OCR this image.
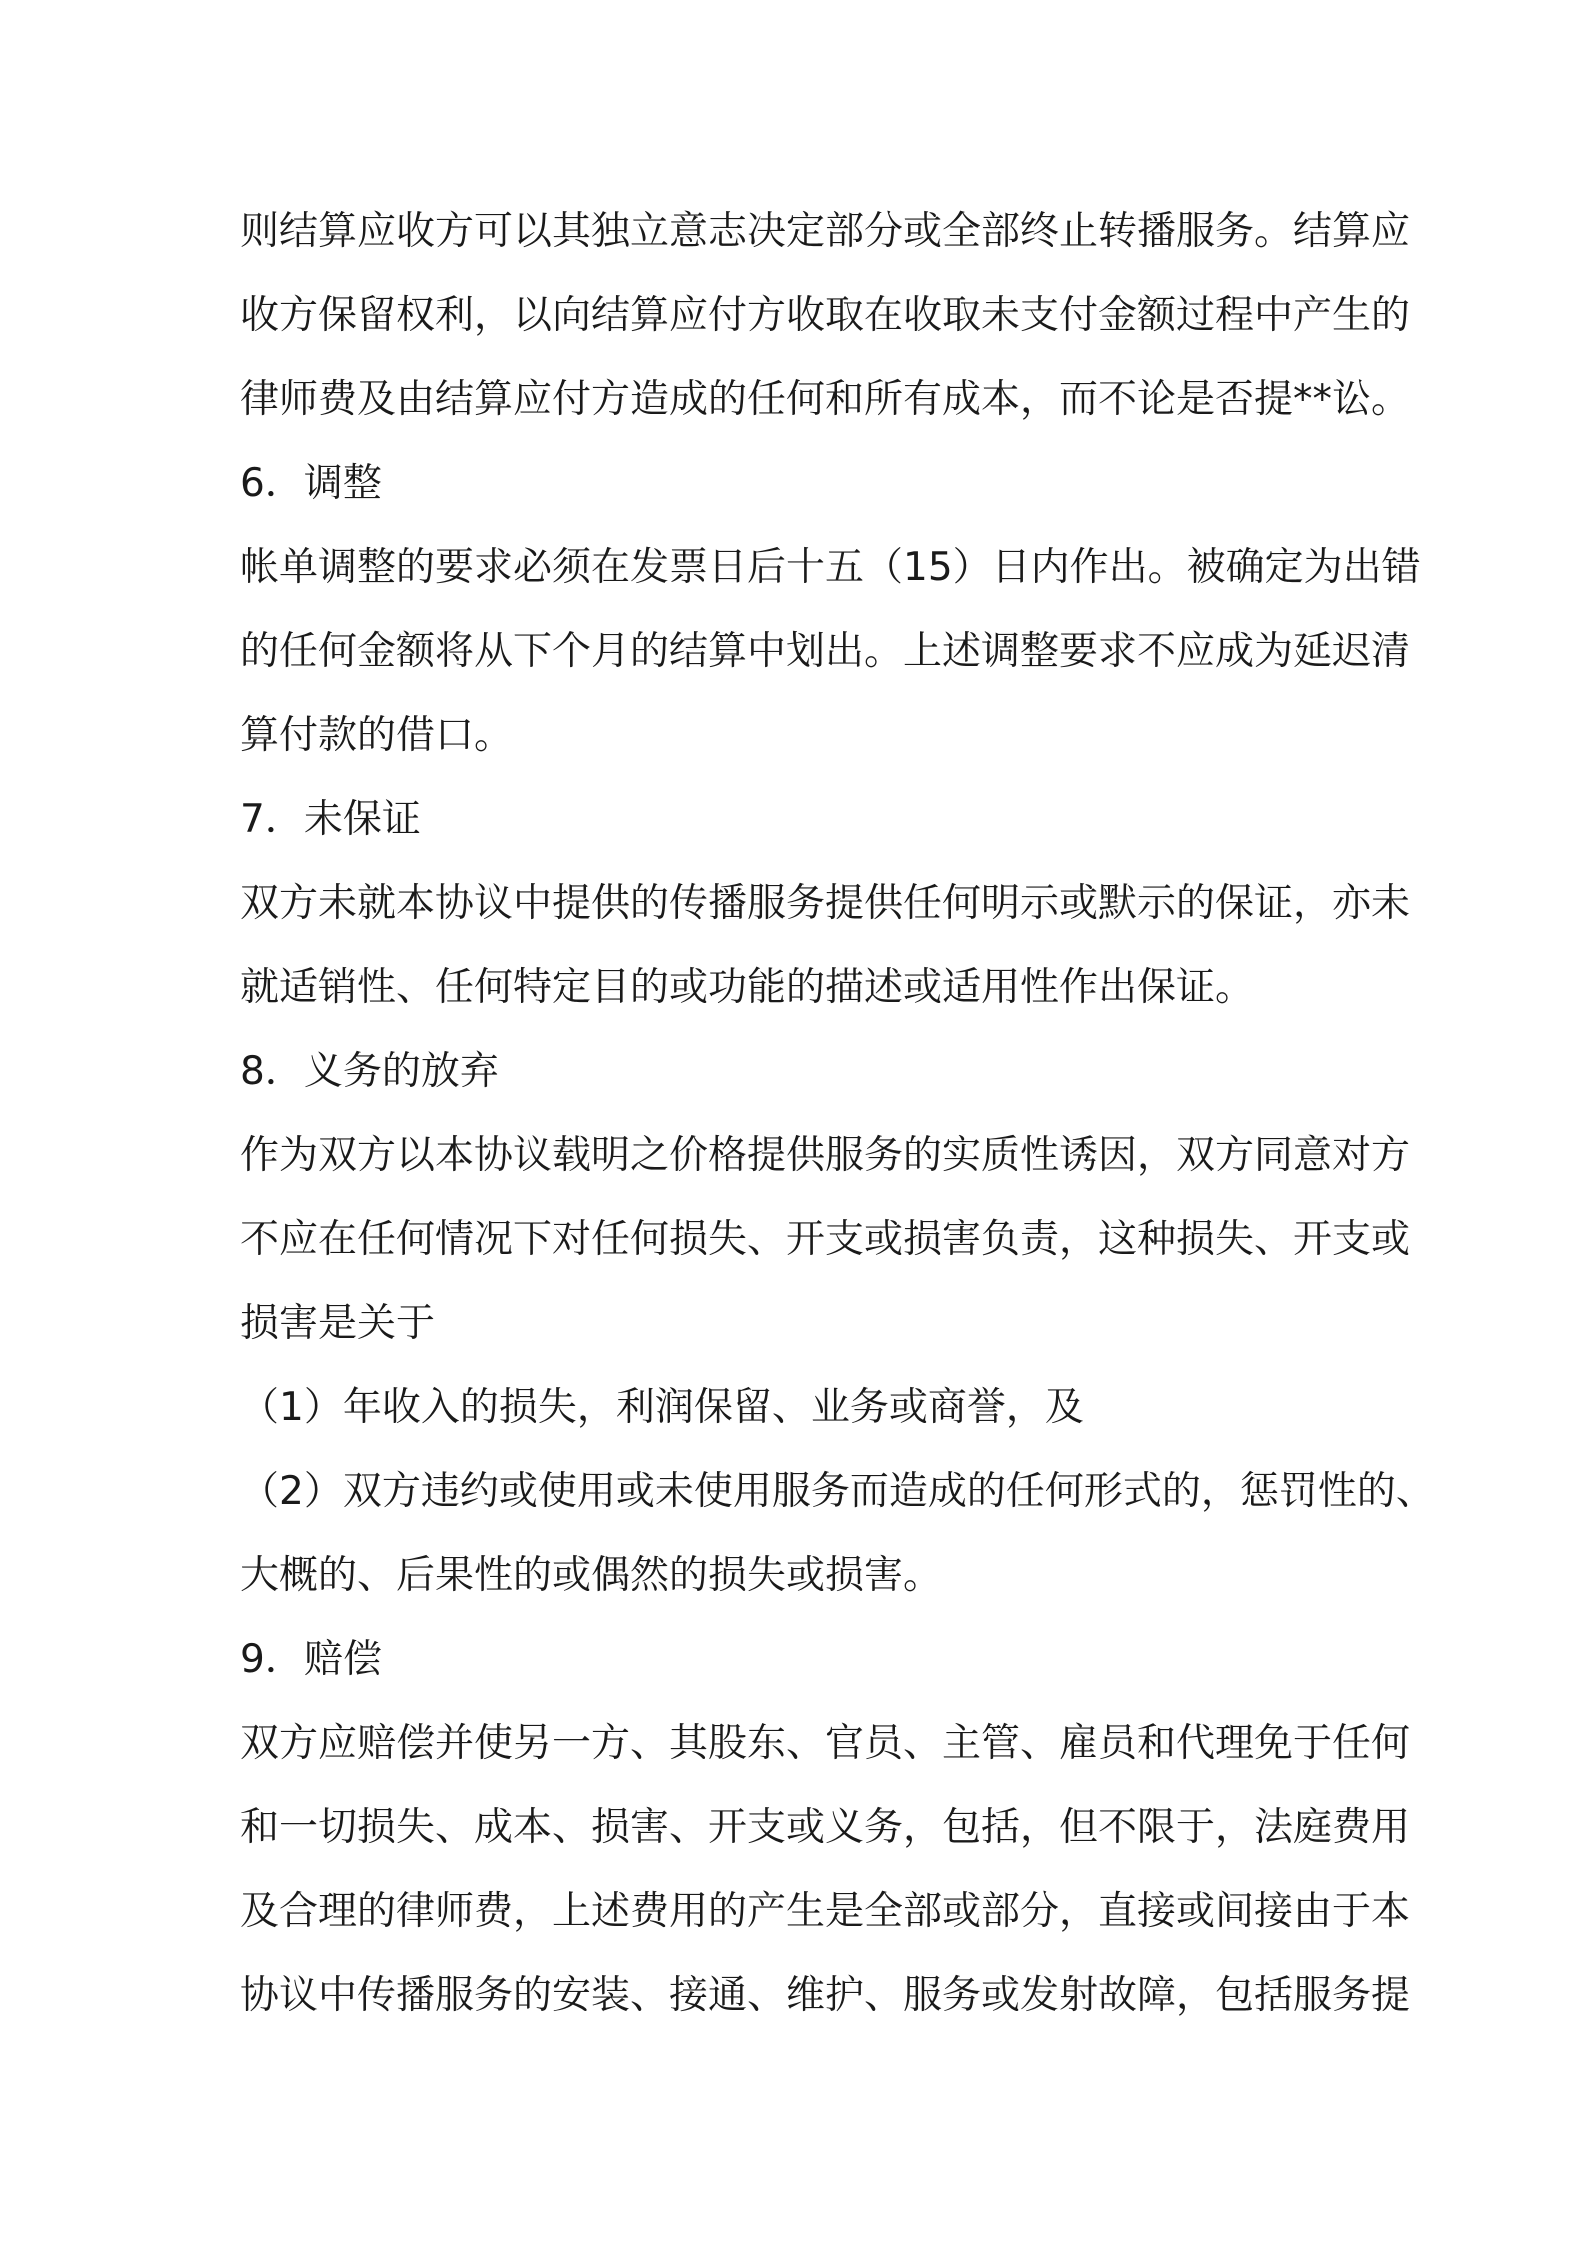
则结算应收方可以其独立意志决定部分或全部终止转播服务。结算应
收方保留权利，以向结算应付方收取在收取未支付金额过程中产生的
律师费及由结算应付方造成的任何和所有成本，而不论是否提**讼。
6．调整
帐单调整的要求必须在发票日后十五（15）日内作出。被确定为出错
的任何金额将从下个月的结算中划出。上述调整要求不应成为延迟清
算付款的借口。
7．未保证
双方未就本协议中提供的传播服务提供任何明示或默示的保证，亦未
就适销性、任何特定目的或功能的描述或适用性作出保证。
8．义务的放弃
作为双方以本协议载明之价格提供服务的实质性诱因，双方同意对方
不应在任何情况下对任何损失、开支或损害负责，这种损失、开支或
损害是关于
（1）年收入的损失，利润保留、业务或商誉，及
（2）双方违约或使用或未使用服务而造成的任何形式的，惩罚性的、
大概的、后果性的或偶然的损失或损害。
9．赔偿
双方应赔偿并使另一方、其股东、官员、主管、雇员和代理免于任何
和一切损失、成本、损害、开支或义务，包括，但不限于，法庭费用
及合理的律师费，上述费用的产生是全部或部分，直接或间接由于本
协议中传播服务的安装、接通、维护、服务或发射故障，包括服务提
